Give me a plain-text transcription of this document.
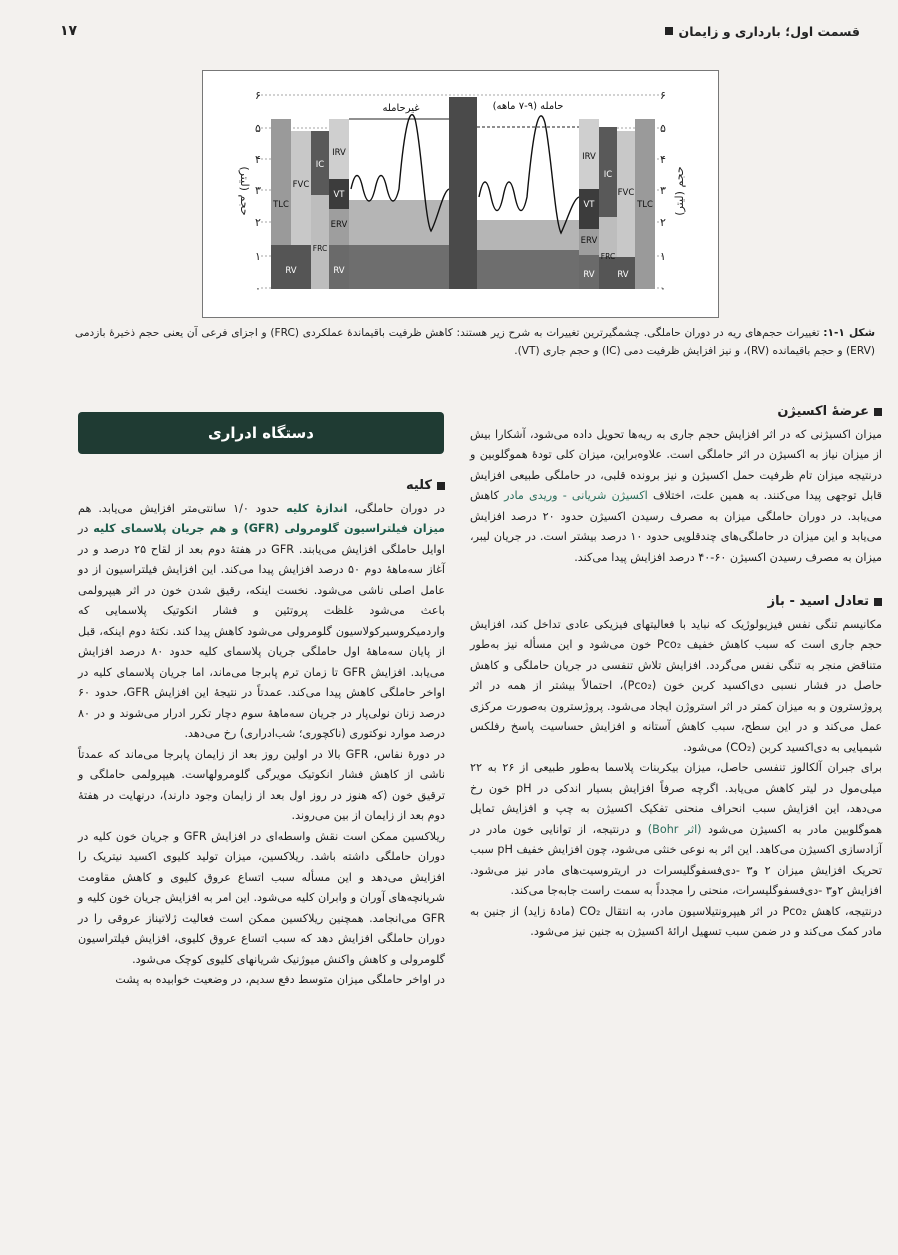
قسمت اول؛ بارداری و زایمان
۱۷
۶
۵
۴
۳
۲
۱
۰
۶
۵
۴
۳
۲
۱
۰
حجم (لیتر)	حجم (لیتر)
TLC
FVC
FRC
IC
IRV
VT
ERV
RV	RV
TLC
FVC
FRC
IC
IRV
VT
ERV
RV	RV
غیرحامله	حامله (۹-۷ ماهه)
شکل ۱-۱: تغییرات حجم‌های ریه در دوران حاملگی. چشمگیرترین تغییرات به شرح زیر هستند: کاهش ظرفیت باقیماندهٔ عملکردی (FRC) و اجزای فرعی آن یعنی حجم ذخیرهٔ بازدمی (ERV) و حجم باقیمانده (RV)، و نیز افزایش ظرفیت دمی (IC) و حجم جاری (VT).
عرضهٔ اکسیژن

میزان اکسیژنی که در اثر افزایش حجم جاری به ریه‌ها تحویل داده می‌شود، آشکارا بیش از میزان نیاز به اکسیژن در اثر حاملگی است. علاوه‌براین، میزان کلی تودهٔ هموگلوبین و درنتیجه میزان تام ظرفیت حمل اکسیژن و نیز برونده قلبی، در حاملگی طبیعی افزایش قابل توجهی پیدا می‌کنند. به همین علت، اختلاف اکسیژن شریانی - وریدی مادر کاهش می‌یابد. در دوران حاملگی میزان به مصرف رسیدن اکسیژن حدود ۲۰ درصد افزایش می‌یابد و این میزان در حاملگی‌های چندقلویی حدود ۱۰ درصد بیشتر است. در جریان لیبر، میزان به مصرف رسیدن اکسیژن ۶۰-۴۰ درصد افزایش پیدا می‌کند.

تعادل اسید - باز

مکانیسم تنگی نفس فیزیولوژیک که نباید با فعالیتهای فیزیکی عادی تداخل کند، افزایش حجم جاری است که سبب کاهش خفیف Pco₂ خون می‌شود و این مسأله نیز به‌طور متناقض منجر به تنگی نفس می‌گردد. افزایش تلاش تنفسی در جریان حاملگی و کاهش حاصل در فشار نسبی دی‌اکسید کربن خون (Pco₂)، احتمالاً بیشتر از همه در اثر پروژسترون و به میزان کمتر در اثر استروژن ایجاد می‌شود. پروژسترون به‌صورت مرکزی عمل می‌کند و در این سطح، سبب کاهش آستانه و افزایش حساسیت پاسخ رفلکس شیمیایی به دی‌اکسید کربن (CO₂) می‌شود.

برای جبران آلکالوز تنفسی حاصل، میزان بیکربنات پلاسما به‌طور طبیعی از ۲۶ به ۲۲ میلی‌مول در لیتر کاهش می‌یابد. اگرچه صرفاً افزایش بسیار اندکی در pH خون رخ می‌دهد، این افزایش سبب انحراف منحنی تفکیک اکسیژن به چپ و افزایش تمایل هموگلوبین مادر به اکسیژن می‌شود (اثر Bohr) و درنتیجه، از توانایی خون مادر در آزادسازی اکسیژن می‌کاهد. این اثر به نوعی خنثی می‌شود، چون افزایش خفیف pH سبب تحریک افزایش میزان ۲ و۳ -دی‌فسفوگلیسرات در اریتروسیت‌های مادر نیز می‌شود. افزایش ۲و۳ -دی‌فسفوگلیسرات، منحنی را مجدداً به سمت راست جابه‌جا می‌کند.

درنتیجه، کاهش Pco₂ در اثر هیپرونتیلاسیون مادر، به انتقال CO₂ (مادهٔ زاید) از جنین به مادر کمک می‌کند و در ضمن سبب تسهیل ارائهٔ اکسیژن به جنین نیز می‌شود.

دستگاه ادراری
کلیه

در دوران حاملگی، اندازهٔ کلیه حدود ۱/۰ سانتی‌متر افزایش می‌یابد. هم میزان فیلتراسیون گلومرولی (GFR) و هم جریان پلاسمای کلیه در اوایل حاملگی افزایش می‌یابند. GFR در هفتهٔ دوم بعد از لقاح ۲۵ درصد و در آغاز سه‌ماههٔ دوم ۵۰ درصد افزایش پیدا می‌کند. این افزایش فیلتراسیون از دو عامل اصلی ناشی می‌شود. نخست اینکه، رقیق شدن خون در اثر هیپرولمی باعث می‌شود غلظت پروتئین و فشار انکوتیک پلاسمایی که واردمیکروسیرکولاسیون گلومرولی می‌شود کاهش پیدا کند. نکتهٔ دوم اینکه، قبل از پایان سه‌ماههٔ اول حاملگی جریان پلاسمای کلیه حدود ۸۰ درصد افزایش می‌یابد. افزایش GFR تا زمان ترم پابرجا می‌ماند، اما جریان پلاسمای کلیه در اواخر حاملگی کاهش پیدا می‌کند. عمدتاً در نتیجهٔ این افزایش GFR، حدود ۶۰ درصد زنان نولی‌پار در جریان سه‌ماههٔ سوم دچار تکرر ادرار می‌شوند و در ۸۰ درصد موارد نوکتوری (ناکچوری؛ شب‌ادراری) رخ می‌دهد.

در دورهٔ نفاس، GFR بالا در اولین روز بعد از زایمان پابرجا می‌ماند که عمدتاً ناشی از کاهش فشار انکوتیک مویرگی گلومرولهاست. هیپرولمی حاملگی و ترقیق خون (که هنوز در روز اول بعد از زایمان وجود دارند)، درنهایت در هفتهٔ دوم بعد از زایمان از بین می‌روند.

ریلاکسین ممکن است نقش واسطه‌ای در افزایش GFR و جریان خون کلیه در دوران حاملگی داشته باشد. ریلاکسین، میزان تولید کلیوی اکسید نیتریک را افزایش می‌دهد و این مسأله سبب اتساع عروق کلیوی و کاهش مقاومت شریانچه‌های آوران و وابران کلیه می‌شود. این امر به افزایش جریان خون کلیه و GFR می‌انجامد. همچنین ریلاکسین ممکن است فعالیت ژلاتیناز عروقی را در دوران حاملگی افزایش دهد که سبب اتساع عروق کلیوی، افزایش فیلتراسیون گلومرولی و کاهش واکنش میوژنیک شریانهای کلیوی کوچک می‌شود.

در اواخر حاملگی میزان متوسط دفع سدیم، در وضعیت خوابیده به پشت
